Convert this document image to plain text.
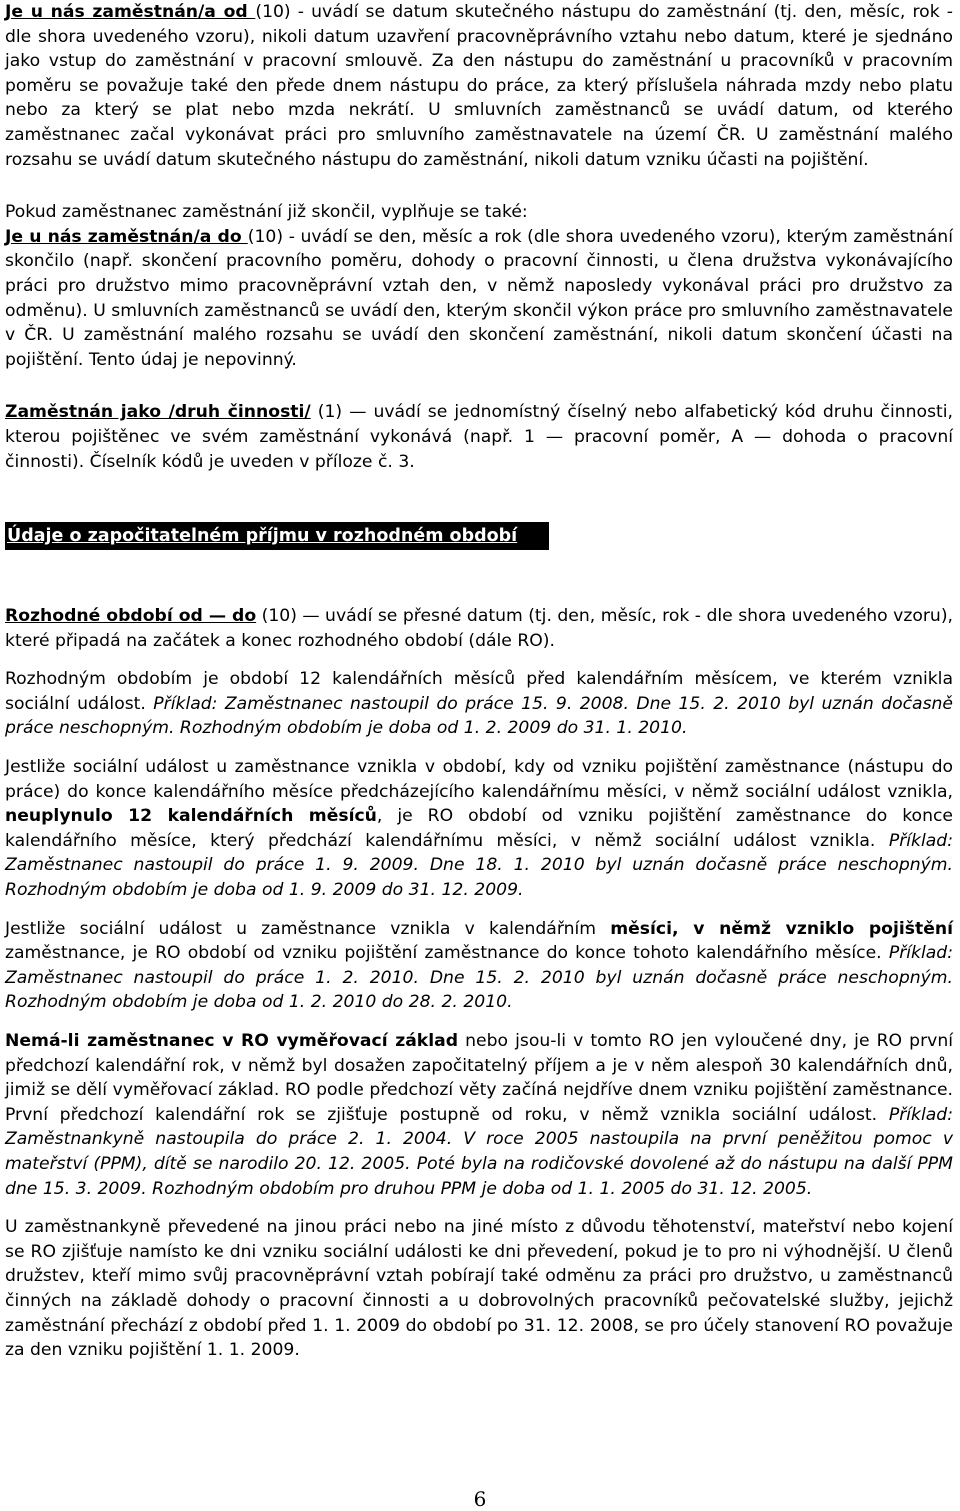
Je u nás zaměstnán/a od (10) - uvádí se datum skutečného nástupu do zaměstnání (tj. den, měsíc, rok - dle shora uvedeného vzoru), nikoli datum uzavření pracovněprávního vztahu nebo datum, které je sjednáno jako vstup do zaměstnání v pracovní smlouvě. Za den nástupu do zaměstnání u pracovníků v pracovním poměru se považuje také den přede dnem nástupu do práce, za který příslušela náhrada mzdy nebo platu nebo za který se plat nebo mzda nekrátí. U smluvních zaměstnanců se uvádí datum, od kterého zaměstnanec začal vykonávat práci pro smluvního zaměstnavatele na území ČR. U zaměstnání malého rozsahu se uvádí datum skutečného nástupu do zaměstnání, nikoli datum vzniku účasti na pojištění.

Pokud zaměstnanec zaměstnání již skončil, vyplňuje se také:

Je u nás zaměstnán/a do (10) - uvádí se den, měsíc a rok (dle shora uvedeného vzoru), kterým zaměstnání skončilo (např. skončení pracovního poměru, dohody o pracovní činnosti, u člena družstva vykonávajícího práci pro družstvo mimo pracovněprávní vztah den, v němž naposledy vykonával práci pro družstvo za odměnu). U smluvních zaměstnanců se uvádí den, kterým skončil výkon práce pro smluvního zaměstnavatele v ČR. U zaměstnání malého rozsahu se uvádí den skončení zaměstnání, nikoli datum skončení účasti na pojištění. Tento údaj je nepovinný.

Zaměstnán jako /druh činnosti/ (1) — uvádí se jednomístný číselný nebo alfabetický kód druhu činnosti, kterou pojištěnec ve svém zaměstnání vykonává (např. 1 — pracovní poměr, A — dohoda o pracovní činnosti). Číselník kódů je uveden v příloze č. 3.

Údaje o započitatelném příjmu v rozhodném období

Rozhodné období od — do (10) — uvádí se přesné datum (tj. den, měsíc, rok - dle shora uvedeného vzoru), které připadá na začátek a konec rozhodného období (dále RO).

Rozhodným obdobím je období 12 kalendářních měsíců před kalendářním měsícem, ve kterém vznikla sociální událost. Příklad: Zaměstnanec nastoupil do práce 15. 9. 2008. Dne 15. 2. 2010 byl uznán dočasně práce neschopným. Rozhodným obdobím je doba od 1. 2. 2009 do 31. 1. 2010.

Jestliže sociální událost u zaměstnance vznikla v období, kdy od vzniku pojištění zaměstnance (nástupu do práce) do konce kalendářního měsíce předcházejícího kalendářnímu měsíci, v němž sociální událost vznikla, neuplynulo 12 kalendářních měsíců, je RO období od vzniku pojištění zaměstnance do konce kalendářního měsíce, který předchází kalendářnímu měsíci, v němž sociální událost vznikla. Příklad: Zaměstnanec nastoupil do práce 1. 9. 2009. Dne 18. 1. 2010 byl uznán dočasně práce neschopným. Rozhodným obdobím je doba od 1. 9. 2009 do 31. 12. 2009.

Jestliže sociální událost u zaměstnance vznikla v kalendářním měsíci, v němž vzniklo pojištění zaměstnance, je RO období od vzniku pojištění zaměstnance do konce tohoto kalendářního měsíce. Příklad: Zaměstnanec nastoupil do práce 1. 2. 2010. Dne 15. 2. 2010 byl uznán dočasně práce neschopným. Rozhodným obdobím je doba od 1. 2. 2010 do 28. 2. 2010.

Nemá-li zaměstnanec v RO vyměřovací základ nebo jsou-li v tomto RO jen vyloučené dny, je RO první předchozí kalendářní rok, v němž byl dosažen započitatelný příjem a je v něm alespoň 30 kalendářních dnů, jimiž se dělí vyměřovací základ. RO podle předchozí věty začíná nejdříve dnem vzniku pojištění zaměstnance. První předchozí kalendářní rok se zjišťuje postupně od roku, v němž vznikla sociální událost. Příklad: Zaměstnankyně nastoupila do práce 2. 1. 2004. V roce 2005 nastoupila na první peněžitou pomoc v mateřství (PPM), dítě se narodilo 20. 12. 2005. Poté byla na rodičovské dovolené až do nástupu na další PPM dne 15. 3. 2009. Rozhodným obdobím pro druhou PPM je doba od 1. 1. 2005 do 31. 12. 2005.

U zaměstnankyně převedené na jinou práci nebo na jiné místo z důvodu těhotenství, mateřství nebo kojení se RO zjišťuje namísto ke dni vzniku sociální události ke dni převedení, pokud je to pro ni výhodnější. U členů družstev, kteří mimo svůj pracovněprávní vztah pobírají také odměnu za práci pro družstvo, u zaměstnanců činných na základě dohody o pracovní činnosti a u dobrovolných pracovníků pečovatelské služby, jejichž zaměstnání přechází z období před 1. 1. 2009 do období po 31. 12. 2008, se pro účely stanovení RO považuje za den vzniku pojištění 1. 1. 2009.

6
